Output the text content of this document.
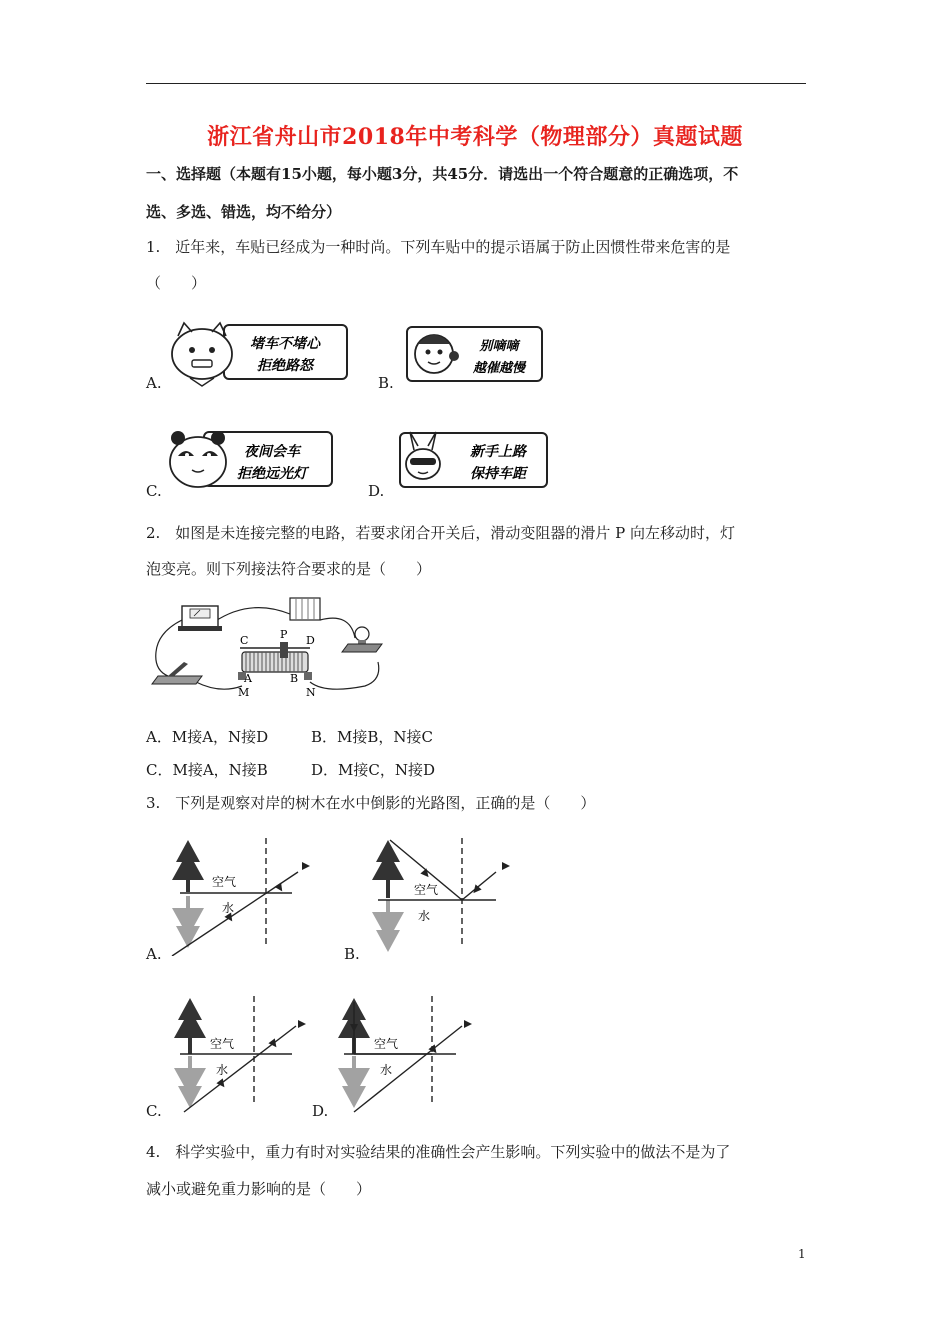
浙江省舟山市2018年中考科学（物理部分）真题试题
一、选择题（本题有15小题，每小题3分，共45分．请选出一个符合题意的正确选项，不
选、多选、错选，均不给分）
1.　近年来，车贴已经成为一种时尚。下列车贴中的提示语属于防止因惯性带来危害的是
（　　）
A.
堵车不堵心
拒绝路怒
B.
别嘀嘀
越催越慢
C.
夜间会车
拒绝远光灯
D.
新手上路
保持车距
2.　如图是未连接完整的电路，若要求闭合开关后，滑动变阻器的滑片 P 向左移动时，灯
泡变亮。则下列接法符合要求的是（　　）
C	P D
A	B
M	N
A．M接A，N接D	B．M接B，N接C
C．M接A，N接B	D．M接C，N接D
3.　下列是观察对岸的树木在水中倒影的光路图，正确的是（　　）
A.
空气
水
B.
空气
水
C.
空气
水
D.
空气
水
4.　科学实验中，重力有时对实验结果的准确性会产生影响。下列实验中的做法不是为了
减小或避免重力影响的是（　　）
1
